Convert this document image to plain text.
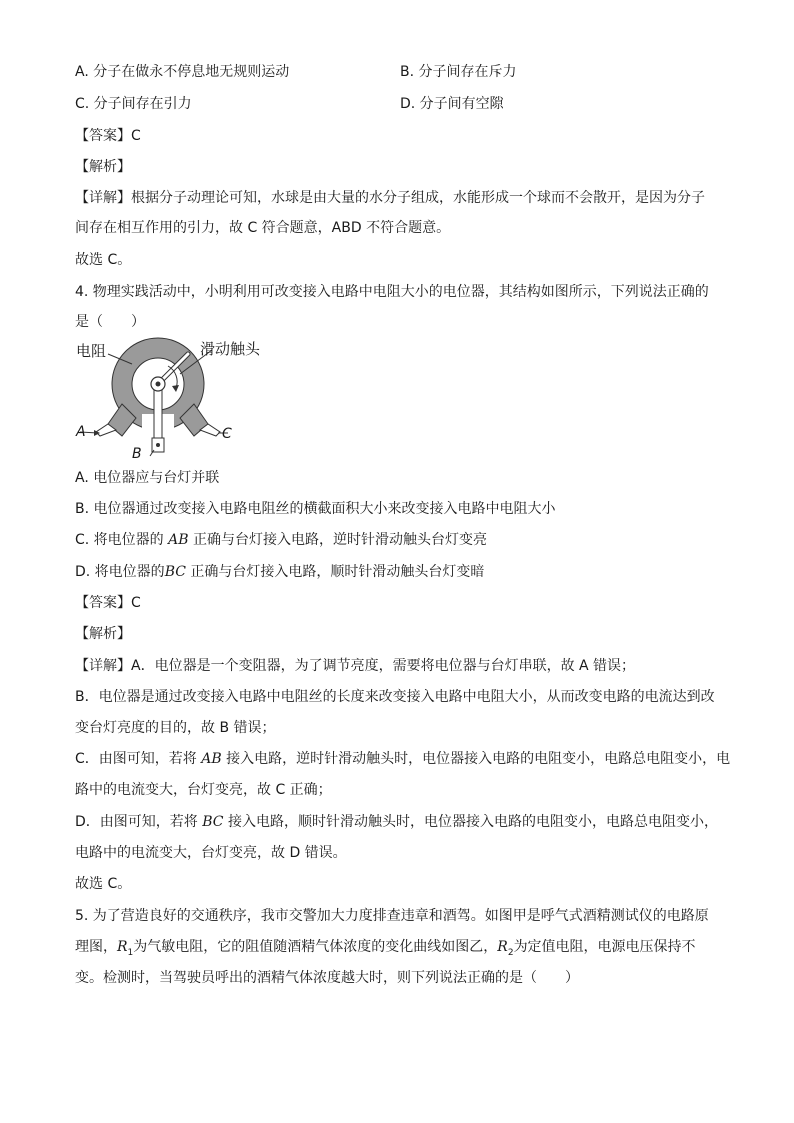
A. 分子在做永不停息地无规则运动	B. 分子间存在斥力
C. 分子间存在引力	D. 分子间有空隙
【答案】C
【解析】
【详解】根据分子动理论可知，水球是由大量的水分子组成，水能形成一个球而不会散开，是因为分子
间存在相互作用的引力，故 C 符合题意，ABD 不符合题意。
故选 C。
4. 物理实践活动中，小明利用可改变接入电路中电阻大小的电位器，其结构如图所示，下列说法正确的
是（　　）
电阻	滑动触头
A
B
C
A. 电位器应与台灯并联
B. 电位器通过改变接入电路电阻丝的横截面积大小来改变接入电路中电阻大小
C. 将电位器的 AB 正确与台灯接入电路，逆时针滑动触头台灯变亮
D. 将电位器的BC 正确与台灯接入电路，顺时针滑动触头台灯变暗
【答案】C
【解析】
【详解】A．电位器是一个变阻器，为了调节亮度，需要将电位器与台灯串联，故 A 错误；
B．电位器是通过改变接入电路中电阻丝的长度来改变接入电路中电阻大小，从而改变电路的电流达到改
变台灯亮度的目的，故 B 错误；
C．由图可知，若将 AB 接入电路，逆时针滑动触头时，电位器接入电路的电阻变小，电路总电阻变小，电
路中的电流变大，台灯变亮，故 C 正确；
D．由图可知，若将 BC 接入电路，顺时针滑动触头时，电位器接入电路的电阻变小，电路总电阻变小，
电路中的电流变大，台灯变亮，故 D 错误。
故选 C。
5. 为了营造良好的交通秩序，我市交警加大力度排查违章和酒驾。如图甲是呼气式酒精测试仪的电路原
理图，$R_1$为气敏电阻，它的阻值随酒精气体浓度的变化曲线如图乙，$R_2$为定值电阻，电源电压保持不
变。检测时，当驾驶员呼出的酒精气体浓度越大时，则下列说法正确的是（　　）
